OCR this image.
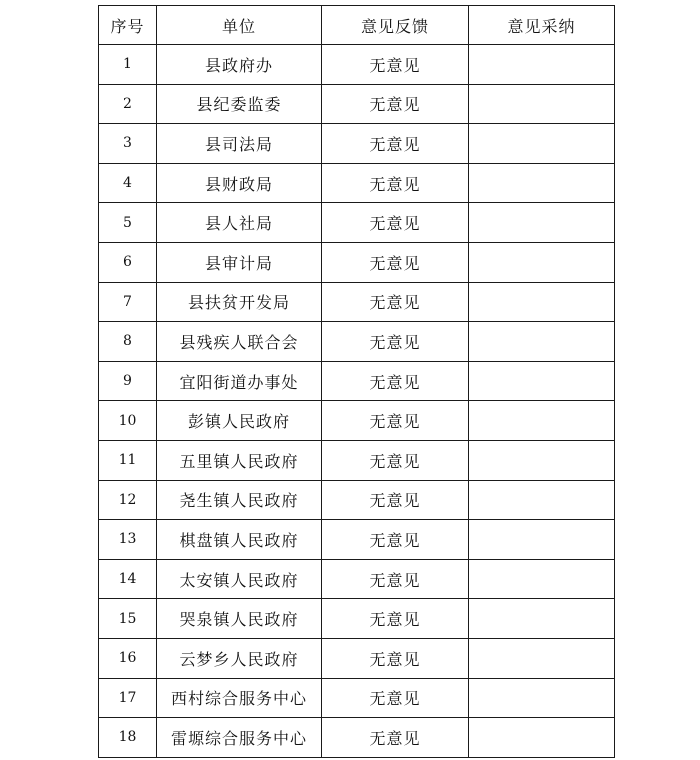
序号	单位	意见反馈	意见采纳
1	县政府办	无意见	
2	县纪委监委	无意见	
3	县司法局	无意见	
4	县财政局	无意见	
5	县人社局	无意见	
6	县审计局	无意见	
7	县扶贫开发局	无意见	
8	县残疾人联合会	无意见	
9	宜阳街道办事处	无意见	
10	彭镇人民政府	无意见	
11	五里镇人民政府	无意见	
12	尧生镇人民政府	无意见	
13	棋盘镇人民政府	无意见	
14	太安镇人民政府	无意见	
15	哭泉镇人民政府	无意见	
16	云梦乡人民政府	无意见	
17	西村综合服务中心	无意见	
18	雷塬综合服务中心	无意见	
